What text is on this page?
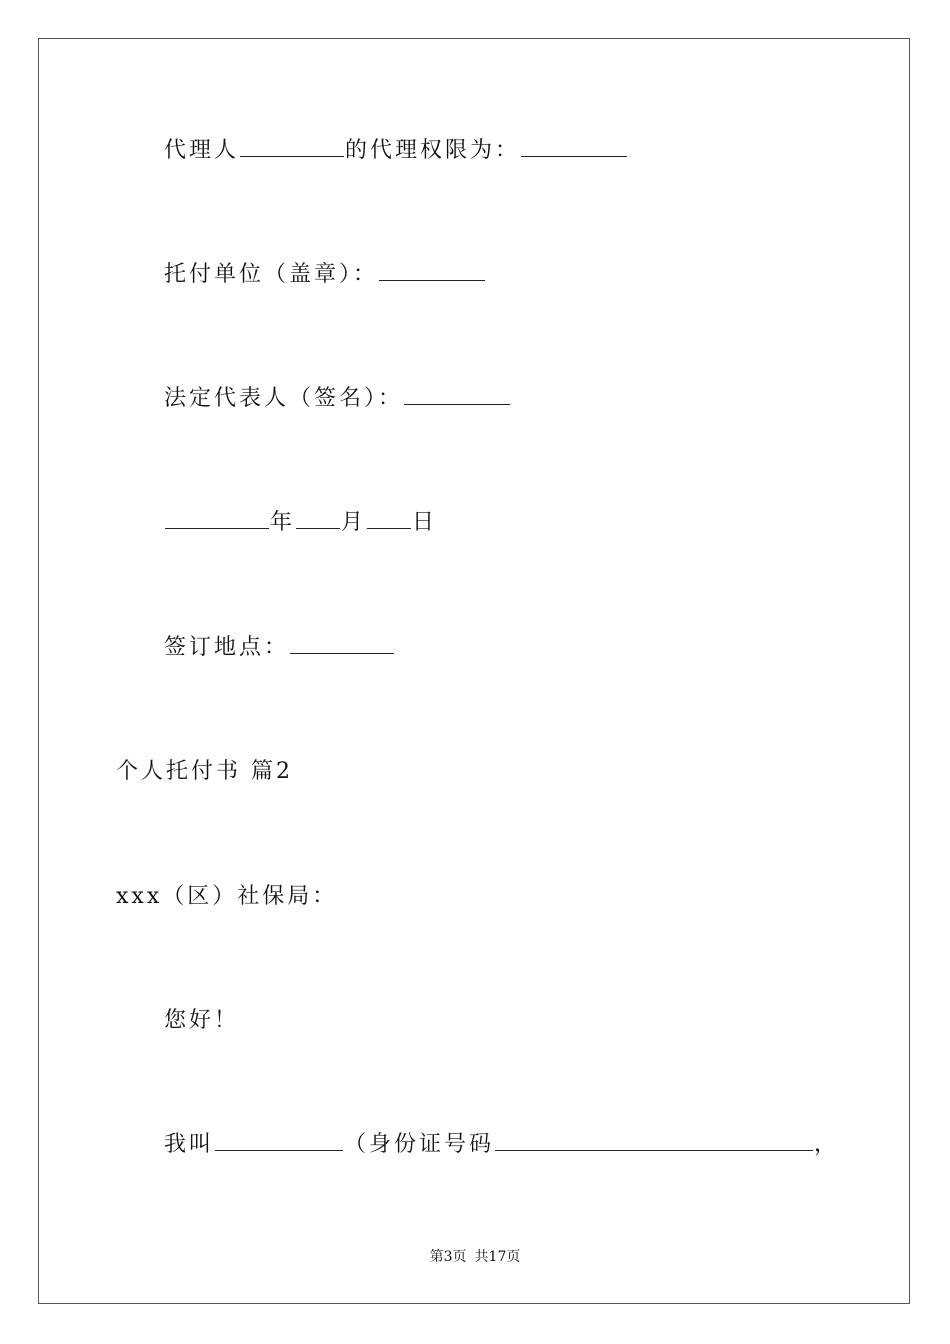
代理人	的代理权限为：
托付单位（盖章）：
法定代表人（签名）：
年 月 日
签订地点：
个人托付书 篇2
xxx（区）社保局：
您好！
我叫	（身份证号码	，
第3页 共17页
